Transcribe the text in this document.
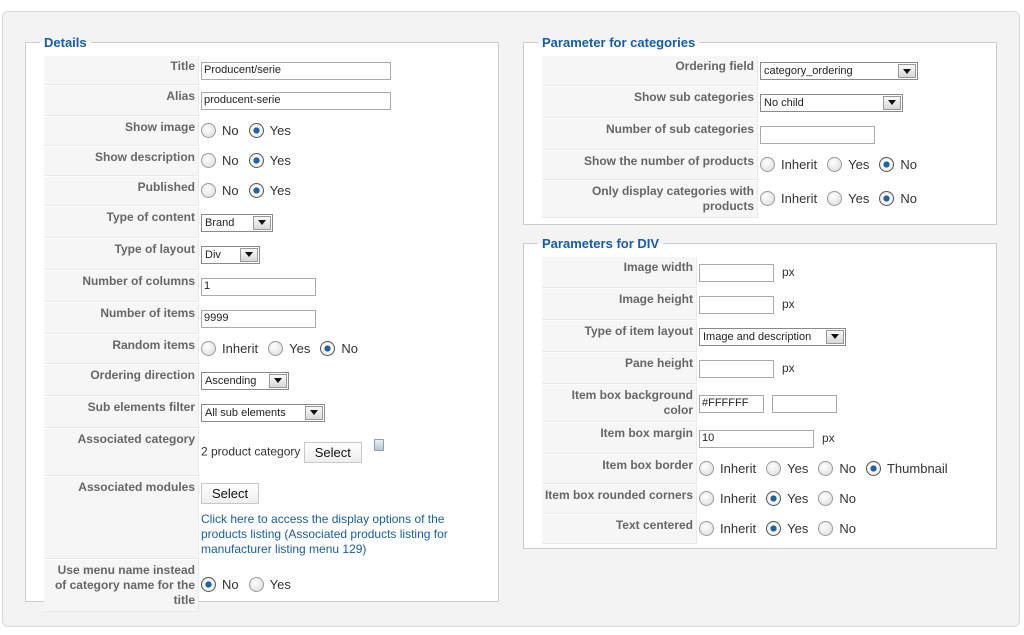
Details
Title	Producent/serie
Alias	producent-serie
Show image	No Yes

Show description	No Yes

Published	No Yes

Type of content	Brand

Type of layout	Div

Number of columns	1
Number of items	9999
Random items	Inherit Yes No

Ordering direction	Ascending

Sub elements filter	All sub elements

Associated category	2 product category Select
Associated modules	Select
Click here to access the display options of the products listing (Associated products listing for manufacturer listing menu 129)

Use menu name instead of category name for the title	No Yes
Parameter for categories
Ordering field	category_ordering

Show sub categories	No child

Number of sub categories	
Show the number of products	Inherit Yes No

Only display categories with products	Inherit Yes No
Parameters for DIV
Image width	px
Image height	px
Type of item layout	Image and description

Pane height	px
Item box background color	#FFFFFF
Item box margin	10 px
Item box border	Inherit Yes No Thumbnail

Item box rounded corners	Inherit Yes No

Text centered	Inherit Yes No
